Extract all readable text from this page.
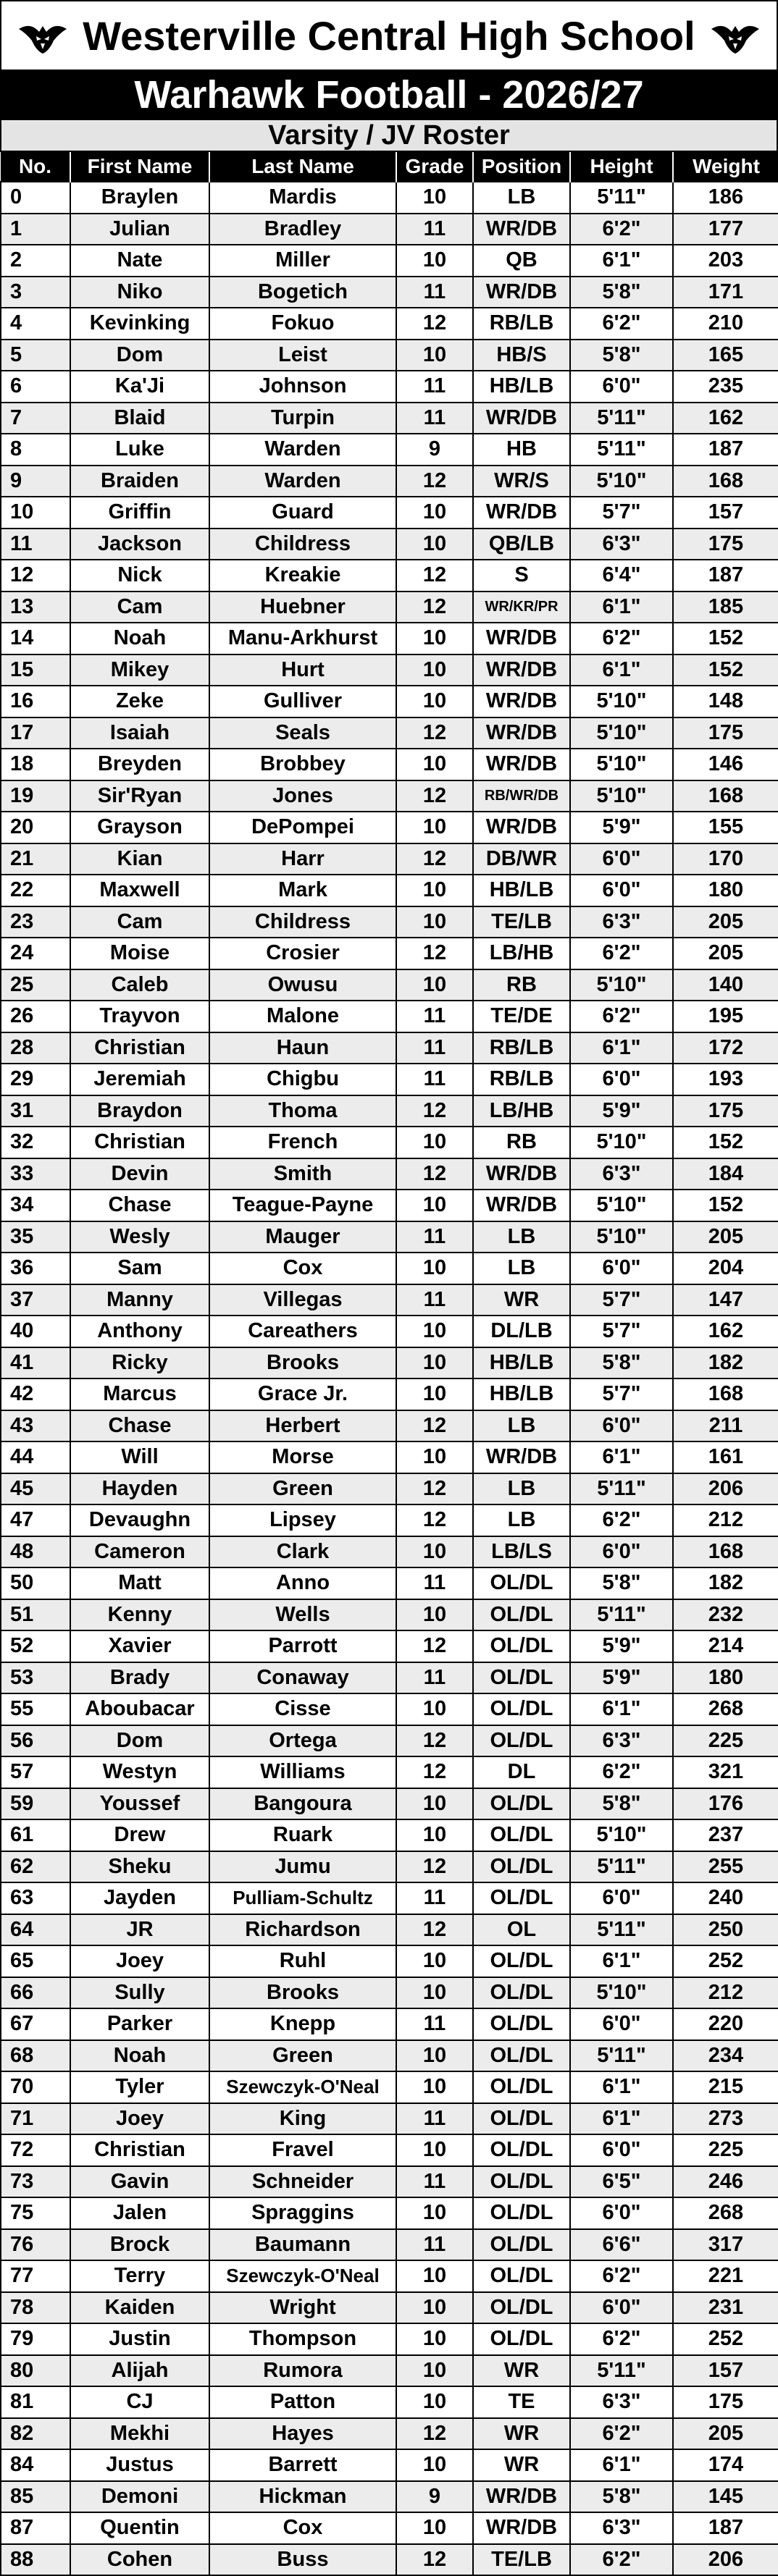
Westerville Central High School
Warhawk Football - 2026/27
Varsity / JV Roster
No.	First Name	Last Name	Grade	Position	Height	Weight
0	Braylen	Mardis	10	LB	5'11"	186
1	Julian	Bradley	11	WR/DB	6'2"	177
2	Nate	Miller	10	QB	6'1"	203
3	Niko	Bogetich	11	WR/DB	5'8"	171
4	Kevinking	Fokuo	12	RB/LB	6'2"	210
5	Dom	Leist	10	HB/S	5'8"	165
6	Ka'Ji	Johnson	11	HB/LB	6'0"	235
7	Blaid	Turpin	11	WR/DB	5'11"	162
8	Luke	Warden	9	HB	5'11"	187
9	Braiden	Warden	12	WR/S	5'10"	168
10	Griffin	Guard	10	WR/DB	5'7"	157
11	Jackson	Childress	10	QB/LB	6'3"	175
12	Nick	Kreakie	12	S	6'4"	187
13	Cam	Huebner	12	WR/KR/PR	6'1"	185
14	Noah	Manu-Arkhurst	10	WR/DB	6'2"	152
15	Mikey	Hurt	10	WR/DB	6'1"	152
16	Zeke	Gulliver	10	WR/DB	5'10"	148
17	Isaiah	Seals	12	WR/DB	5'10"	175
18	Breyden	Brobbey	10	WR/DB	5'10"	146
19	Sir'Ryan	Jones	12	RB/WR/DB	5'10"	168
20	Grayson	DePompei	10	WR/DB	5'9"	155
21	Kian	Harr	12	DB/WR	6'0"	170
22	Maxwell	Mark	10	HB/LB	6'0"	180
23	Cam	Childress	10	TE/LB	6'3"	205
24	Moise	Crosier	12	LB/HB	6'2"	205
25	Caleb	Owusu	10	RB	5'10"	140
26	Trayvon	Malone	11	TE/DE	6'2"	195
28	Christian	Haun	11	RB/LB	6'1"	172
29	Jeremiah	Chigbu	11	RB/LB	6'0"	193
31	Braydon	Thoma	12	LB/HB	5'9"	175
32	Christian	French	10	RB	5'10"	152
33	Devin	Smith	12	WR/DB	6'3"	184
34	Chase	Teague-Payne	10	WR/DB	5'10"	152
35	Wesly	Mauger	11	LB	5'10"	205
36	Sam	Cox	10	LB	6'0"	204
37	Manny	Villegas	11	WR	5'7"	147
40	Anthony	Careathers	10	DL/LB	5'7"	162
41	Ricky	Brooks	10	HB/LB	5'8"	182
42	Marcus	Grace Jr.	10	HB/LB	5'7"	168
43	Chase	Herbert	12	LB	6'0"	211
44	Will	Morse	10	WR/DB	6'1"	161
45	Hayden	Green	12	LB	5'11"	206
47	Devaughn	Lipsey	12	LB	6'2"	212
48	Cameron	Clark	10	LB/LS	6'0"	168
50	Matt	Anno	11	OL/DL	5'8"	182
51	Kenny	Wells	10	OL/DL	5'11"	232
52	Xavier	Parrott	12	OL/DL	5'9"	214
53	Brady	Conaway	11	OL/DL	5'9"	180
55	Aboubacar	Cisse	10	OL/DL	6'1"	268
56	Dom	Ortega	12	OL/DL	6'3"	225
57	Westyn	Williams	12	DL	6'2"	321
59	Youssef	Bangoura	10	OL/DL	5'8"	176
61	Drew	Ruark	10	OL/DL	5'10"	237
62	Sheku	Jumu	12	OL/DL	5'11"	255
63	Jayden	Pulliam-Schultz	11	OL/DL	6'0"	240
64	JR	Richardson	12	OL	5'11"	250
65	Joey	Ruhl	10	OL/DL	6'1"	252
66	Sully	Brooks	10	OL/DL	5'10"	212
67	Parker	Knepp	11	OL/DL	6'0"	220
68	Noah	Green	10	OL/DL	5'11"	234
70	Tyler	Szewczyk-O'Neal	10	OL/DL	6'1"	215
71	Joey	King	11	OL/DL	6'1"	273
72	Christian	Fravel	10	OL/DL	6'0"	225
73	Gavin	Schneider	11	OL/DL	6'5"	246
75	Jalen	Spraggins	10	OL/DL	6'0"	268
76	Brock	Baumann	11	OL/DL	6'6"	317
77	Terry	Szewczyk-O'Neal	10	OL/DL	6'2"	221
78	Kaiden	Wright	10	OL/DL	6'0"	231
79	Justin	Thompson	10	OL/DL	6'2"	252
80	Alijah	Rumora	10	WR	5'11"	157
81	CJ	Patton	10	TE	6'3"	175
82	Mekhi	Hayes	12	WR	6'2"	205
84	Justus	Barrett	10	WR	6'1"	174
85	Demoni	Hickman	9	WR/DB	5'8"	145
87	Quentin	Cox	10	WR/DB	6'3"	187
88	Cohen	Buss	12	TE/LB	6'2"	206
